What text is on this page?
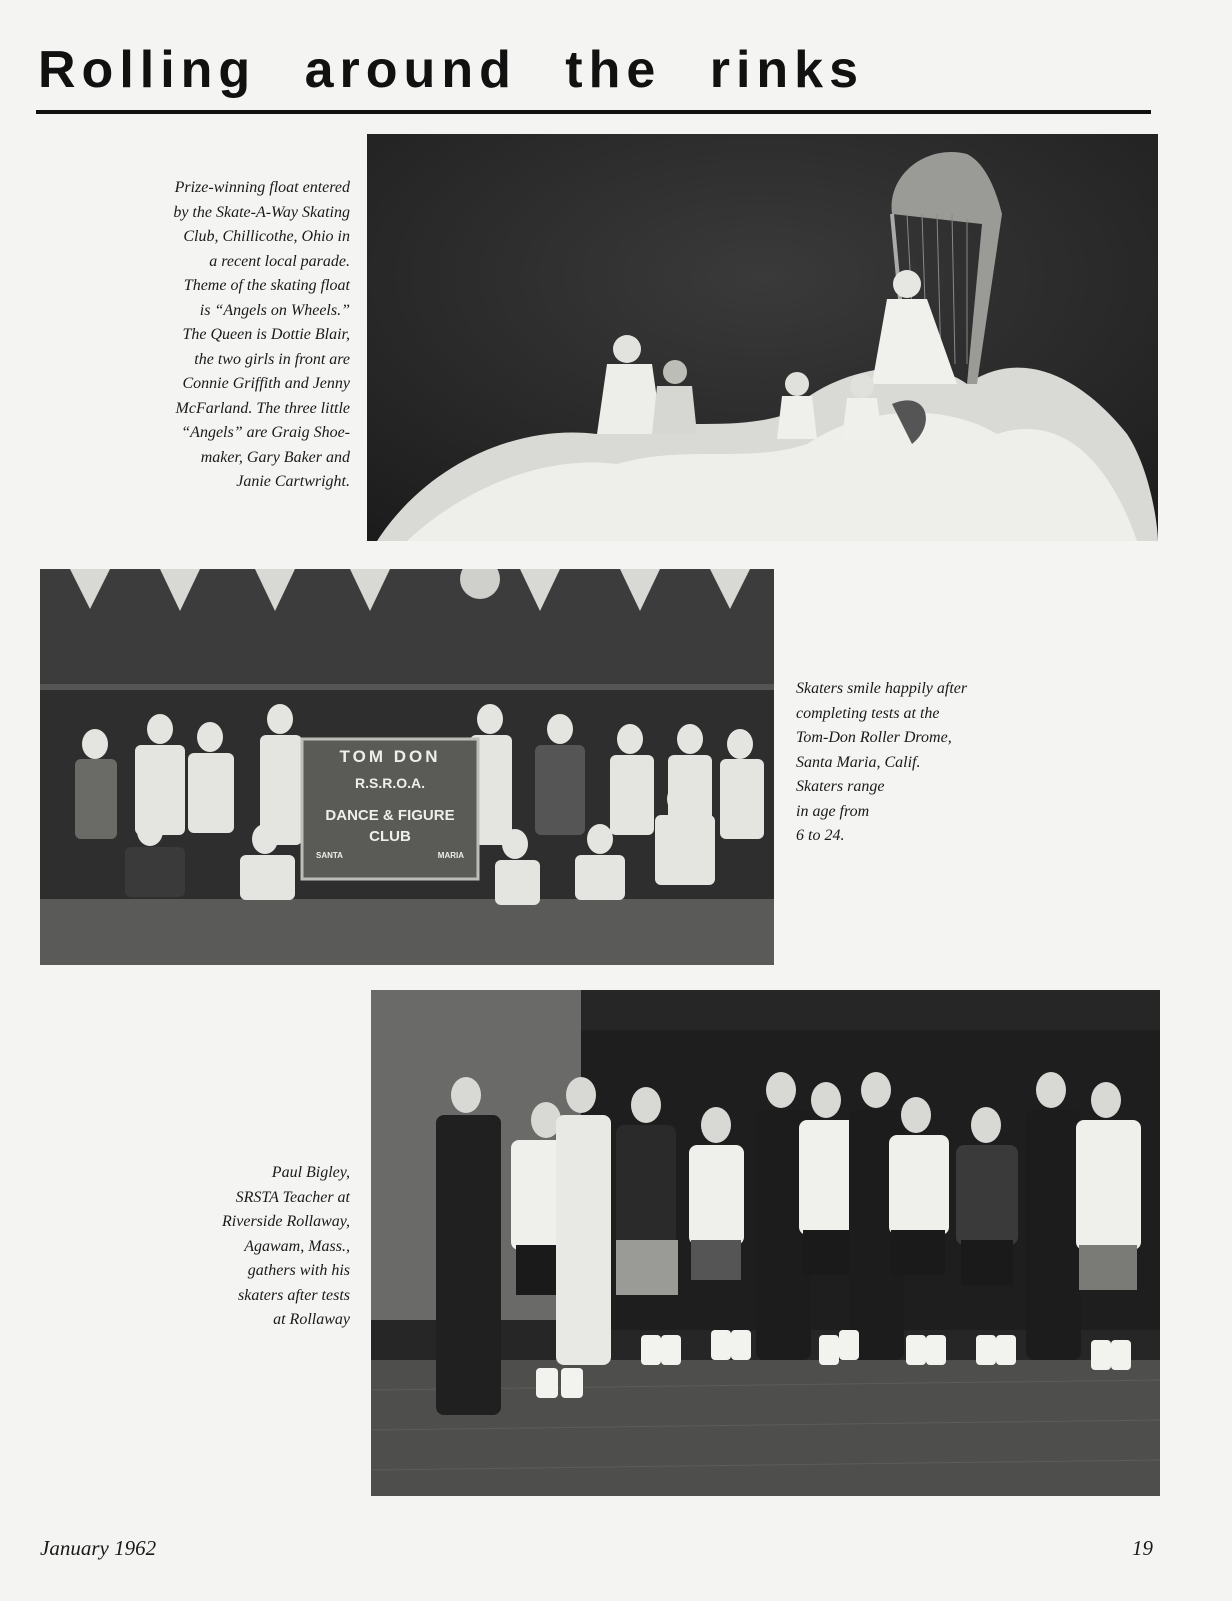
Rolling around the rinks
Prize-winning float entered
by the Skate-A-Way Skating
Club, Chillicothe, Ohio in
a recent local parade.
Theme of the skating float
is “Angels on Wheels.”
The Queen is Dottie Blair,
the two girls in front are
Connie Griffith and Jenny
McFarland. The three little
“Angels” are Graig Shoe-
maker, Gary Baker and
Janie Cartwright.
TOM DON
R.S.R.O.A.
DANCE & FIGURE
CLUB
SANTA	MARIA
Skaters smile happily after
completing tests at the
Tom-Don Roller Drome,
Santa Maria, Calif.
Skaters range
in age from
6 to 24.
Paul Bigley,
SRSTA Teacher at
Riverside Rollaway,
Agawam, Mass.,
gathers with his
skaters after tests
at Rollaway
January 1962	19
